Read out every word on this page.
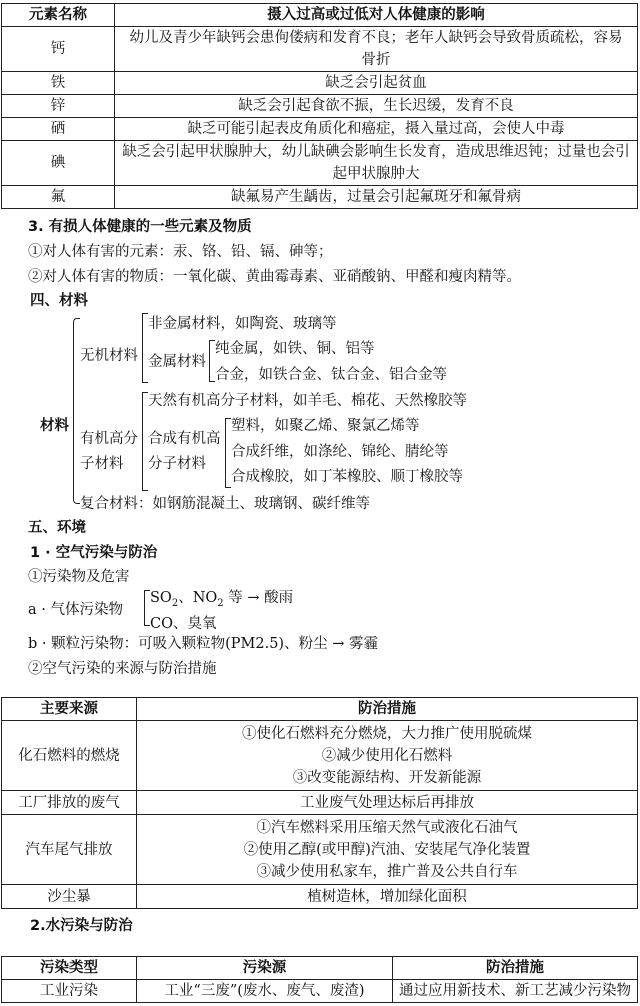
元素名称	摄入过高或过低对人体健康的影响
钙	幼儿及青少年缺钙会患佝偻病和发育不良；老年人缺钙会导致骨质疏松，容易骨折
铁	缺乏会引起贫血
锌	缺乏会引起食欲不振，生长迟缓，发育不良
硒	缺乏可能引起表皮角质化和癌症，摄入量过高，会使人中毒
碘	缺乏会引起甲状腺肿大，幼儿缺碘会影响生长发育，造成思维迟钝；过量也会引起甲状腺肿大
氟	缺氟易产生龋齿，过量会引起氟斑牙和氟骨病
3. 有损人体健康的一些元素及物质
①对人体有害的元素：汞、铬、铅、镉、砷等；
②对人体有害的物质：一氧化碳、黄曲霉毒素、亚硝酸钠、甲醛和瘦肉精等。
四、材料
材料
无机材料
非金属材料，如陶瓷、玻璃等
金属材料
纯金属，如铁、铜、铝等
合金，如铁合金、钛合金、铝合金等
有机高分
子材料
天然有机高分子材料，如羊毛、棉花、天然橡胶等
合成有机高
分子材料
塑料，如聚乙烯、聚氯乙烯等
合成纤维，如涤纶、锦纶、腈纶等
合成橡胶，如丁苯橡胶、顺丁橡胶等
复合材料：如钢筋混凝土、玻璃钢、碳纤维等
五、环境
1 · 空气污染与防治
①污染物及危害
a · 气体污染物
$SO_2$、$NO_2$ 等 → 酸雨
CO、臭氧
b · 颗粒污染物：可吸入颗粒物(PM2.5)、粉尘 → 雾霾
②空气污染的来源与防治措施
主要来源	防治措施
化石燃料的燃烧	①使化石燃料充分燃烧，大力推广使用脱硫煤
②减少使用化石燃料
③改变能源结构、开发新能源

工厂排放的废气	工业废气处理达标后再排放

汽车尾气排放	①汽车燃料采用压缩天然气或液化石油气
②使用乙醇(或甲醇)汽油、安装尾气净化装置
③减少使用私家车，推广普及公共自行车

沙尘暴	植树造林，增加绿化面积
2.水污染与防治
污染类型	污染源	防治措施
工业污染	工业“三废”(废水、废气、废渣)	通过应用新技术、新工艺减少污染物
